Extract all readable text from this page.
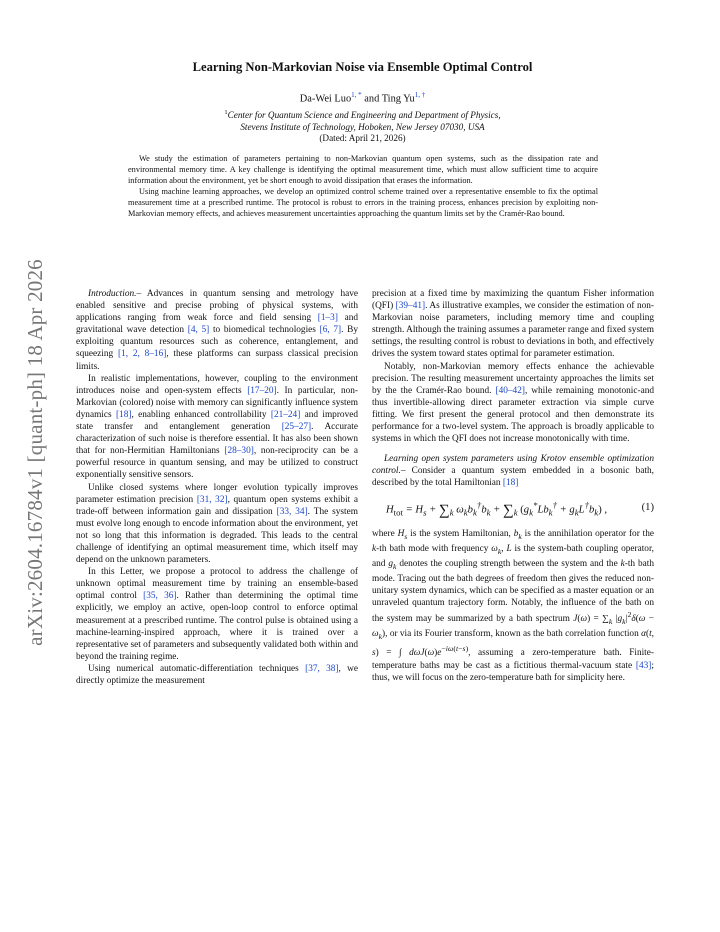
arXiv:2604.16784v1 [quant-ph] 18 Apr 2026
Learning Non-Markovian Noise via Ensemble Optimal Control
Da-Wei Luo$^{1, *}$ and Ting $Yu^{1, \dagger}$
$^1$Center for Quantum Science and Engineering and Department of Physics,
Stevens Institute of Technology, Hoboken, New Jersey 07030, USA
(Dated: April 21, 2026)

We study the estimation of parameters pertaining to non-Markovian quantum open systems, such as the dissipation rate and environmental memory time. A key challenge is identifying the optimal measurement time, which must allow sufficient time to acquire information about the environment, yet be short enough to avoid dissipation that erases the information.

Using machine learning approaches, we develop an optimized control scheme trained over a representative ensemble to fix the optimal measurement time at a prescribed runtime. The protocol is robust to errors in the training process, enhances precision by exploiting non-Markovian memory effects, and achieves measurement uncertainties approaching the quantum limits set by the Cramér-Rao bound.

Introduction.– Advances in quantum sensing and metrology have enabled sensitive and precise probing of physical systems, with applications ranging from weak force and field sensing [1–3] and gravitational wave detection [4, 5] to biomedical technologies [6, 7]. By exploiting quantum resources such as coherence, entanglement, and squeezing [1, 2, 8–16], these platforms can surpass classical precision limits.

In realistic implementations, however, coupling to the environment introduces noise and open-system effects [17–20]. In particular, non-Markovian (colored) noise with memory can significantly influence system dynamics [18], enabling enhanced controllability [21–24] and improved state transfer and entanglement generation [25–27]. Accurate characterization of such noise is therefore essential. It has also been shown that for non-Hermitian Hamiltonians [28–30], non-reciprocity can be a powerful resource in quantum sensing, and may be utilized to construct exponentially sensitive sensors.

Unlike closed systems where longer evolution typically improves parameter estimation precision [31, 32], quantum open systems exhibit a trade-off between information gain and dissipation [33, 34]. The system must evolve long enough to encode information about the environment, yet not so long that this information is degraded. This leads to the central challenge of identifying an optimal measurement time, which itself may depend on the unknown parameters.

In this Letter, we propose a protocol to address the challenge of unknown optimal measurement time by training an ensemble-based optimal control [35, 36]. Rather than determining the optimal time explicitly, we employ an active, open-loop control to enforce optimal measurement at a prescribed runtime. The control pulse is obtained using a machine-learning-inspired approach, where it is trained over a representative set of parameters and subsequently validated both within and beyond the training regime.

Using numerical automatic-differentiation techniques [37, 38], we directly optimize the measurement

precision at a fixed time by maximizing the quantum Fisher information (QFI) [39–41]. As illustrative examples, we consider the estimation of non-Markovian noise parameters, including memory time and coupling strength. Although the training assumes a parameter range and fixed system settings, the resulting control is robust to deviations in both, and effectively drives the system toward states optimal for parameter estimation.

Notably, non-Markovian memory effects enhance the achievable precision. The resulting measurement uncertainty approaches the limits set by the the Cramér-Rao bound. [40–42], while remaining monotonic-and thus invertible-allowing direct parameter extraction via simple curve fitting. We first present the general protocol and then demonstrate its performance for a two-level system. The approach is broadly applicable to systems in which the QFI does not increase monotonically with time.

Learning open system parameters using Krotov ensemble optimization control.– Consider a quantum system embedded in a bosonic bath, described by the total Hamiltonian [18]

$H_{tot} = H_s + \sum_k$ $\omega_kb_k^\dagger b_k + \sum_k$ $(g_k^*Lb_k^\dagger + g_kL^\dagger b_k)$ ,	(1)

where $H_s$ is the system Hamiltonian, $b_k$ is the annihilation operator for the k-th bath mode with frequency $\omega_k$, L is the system-bath coupling operator, and $g_k$ denotes the coupling strength between the system and the k-th bath mode. Tracing out the bath degrees of freedom then gives the reduced non-unitary system dynamics, which can be specified as a master equation or an unraveled quantum trajectory form. Notably, the influence of the bath on the system may be summarized by a bath spectrum $J(\omega) = \sum_k$ $|g_k|^2\delta(\omega - \omega_k)$, or via its Fourier transform, known as the bath correlation function α(t, s) = ∫ $d\omega J(\omega)e^{-i\omega(t-s)}$, assuming a zero-temperature bath. Finite-temperature baths may be cast as a fictitious thermal-vacuum state [43]; thus, we will focus on the zero-temperature bath for simplicity here.
